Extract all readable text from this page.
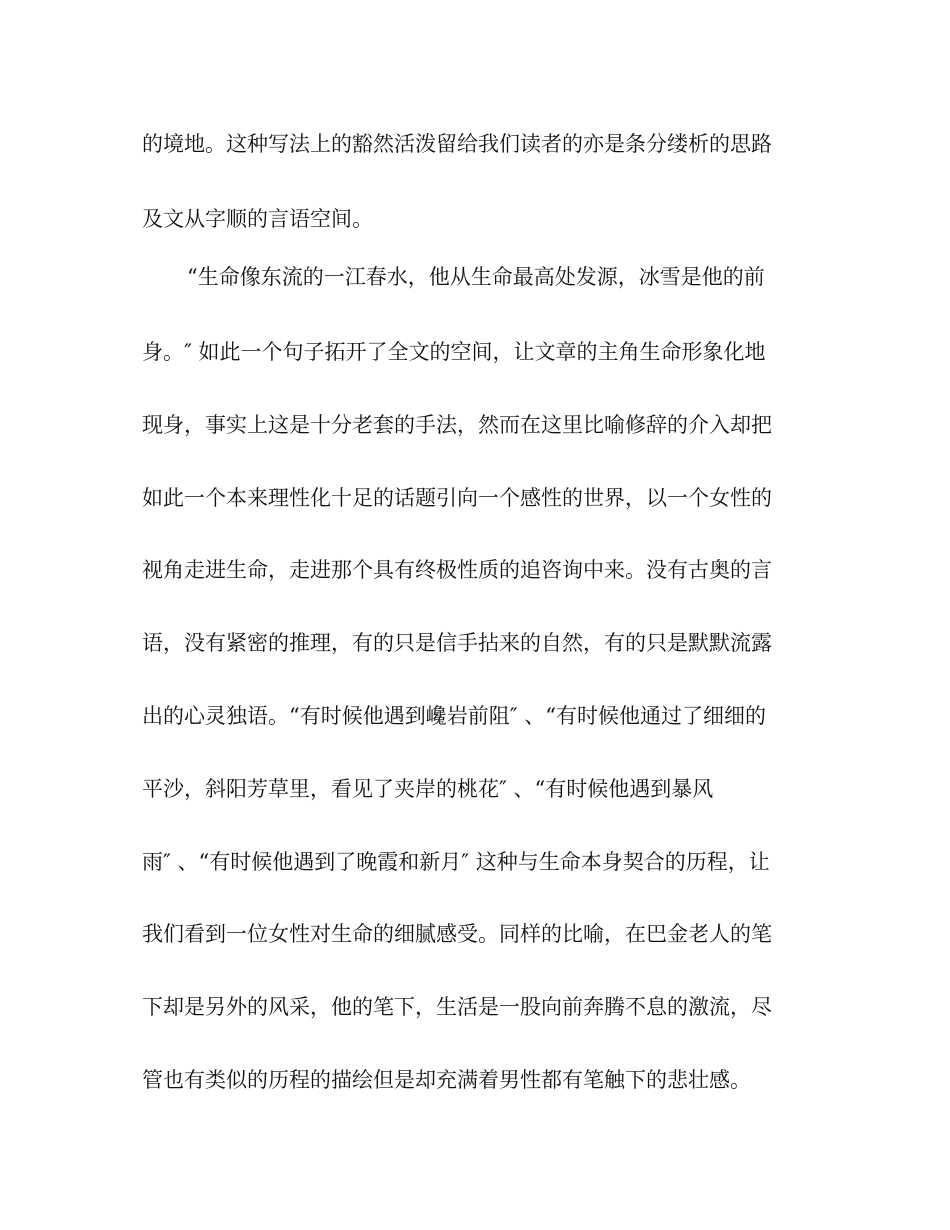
的境地。这种写法上的豁然活泼留给我们读者的亦是条分缕析的思路

及文从字顺的言语空间。

“生命像东流的一江春水，他从生命最高处发源，冰雪是他的前

身。″ 如此一个句子拓开了全文的空间，让文章的主角生命形象化地

现身，事实上这是十分老套的手法，然而在这里比喻修辞的介入却把

如此一个本来理性化十足的话题引向一个感性的世界，以一个女性的

视角走进生命，走进那个具有终极性质的追咨询中来。没有古奥的言

语，没有紧密的推理，有的只是信手拈来的自然，有的只是默默流露

出的心灵独语。“有时候他遇到巉岩前阻″ 、“有时候他通过了细细的

平沙，斜阳芳草里，看见了夹岸的桃花″ 、“有时候他遇到暴风

雨″ 、“有时候他遇到了晚霞和新月″ 这种与生命本身契合的历程，让

我们看到一位女性对生命的细腻感受。同样的比喻，在巴金老人的笔

下却是另外的风采，他的笔下，生活是一股向前奔腾不息的激流，尽

管也有类似的历程的描绘但是却充满着男性都有笔触下的悲壮感。
